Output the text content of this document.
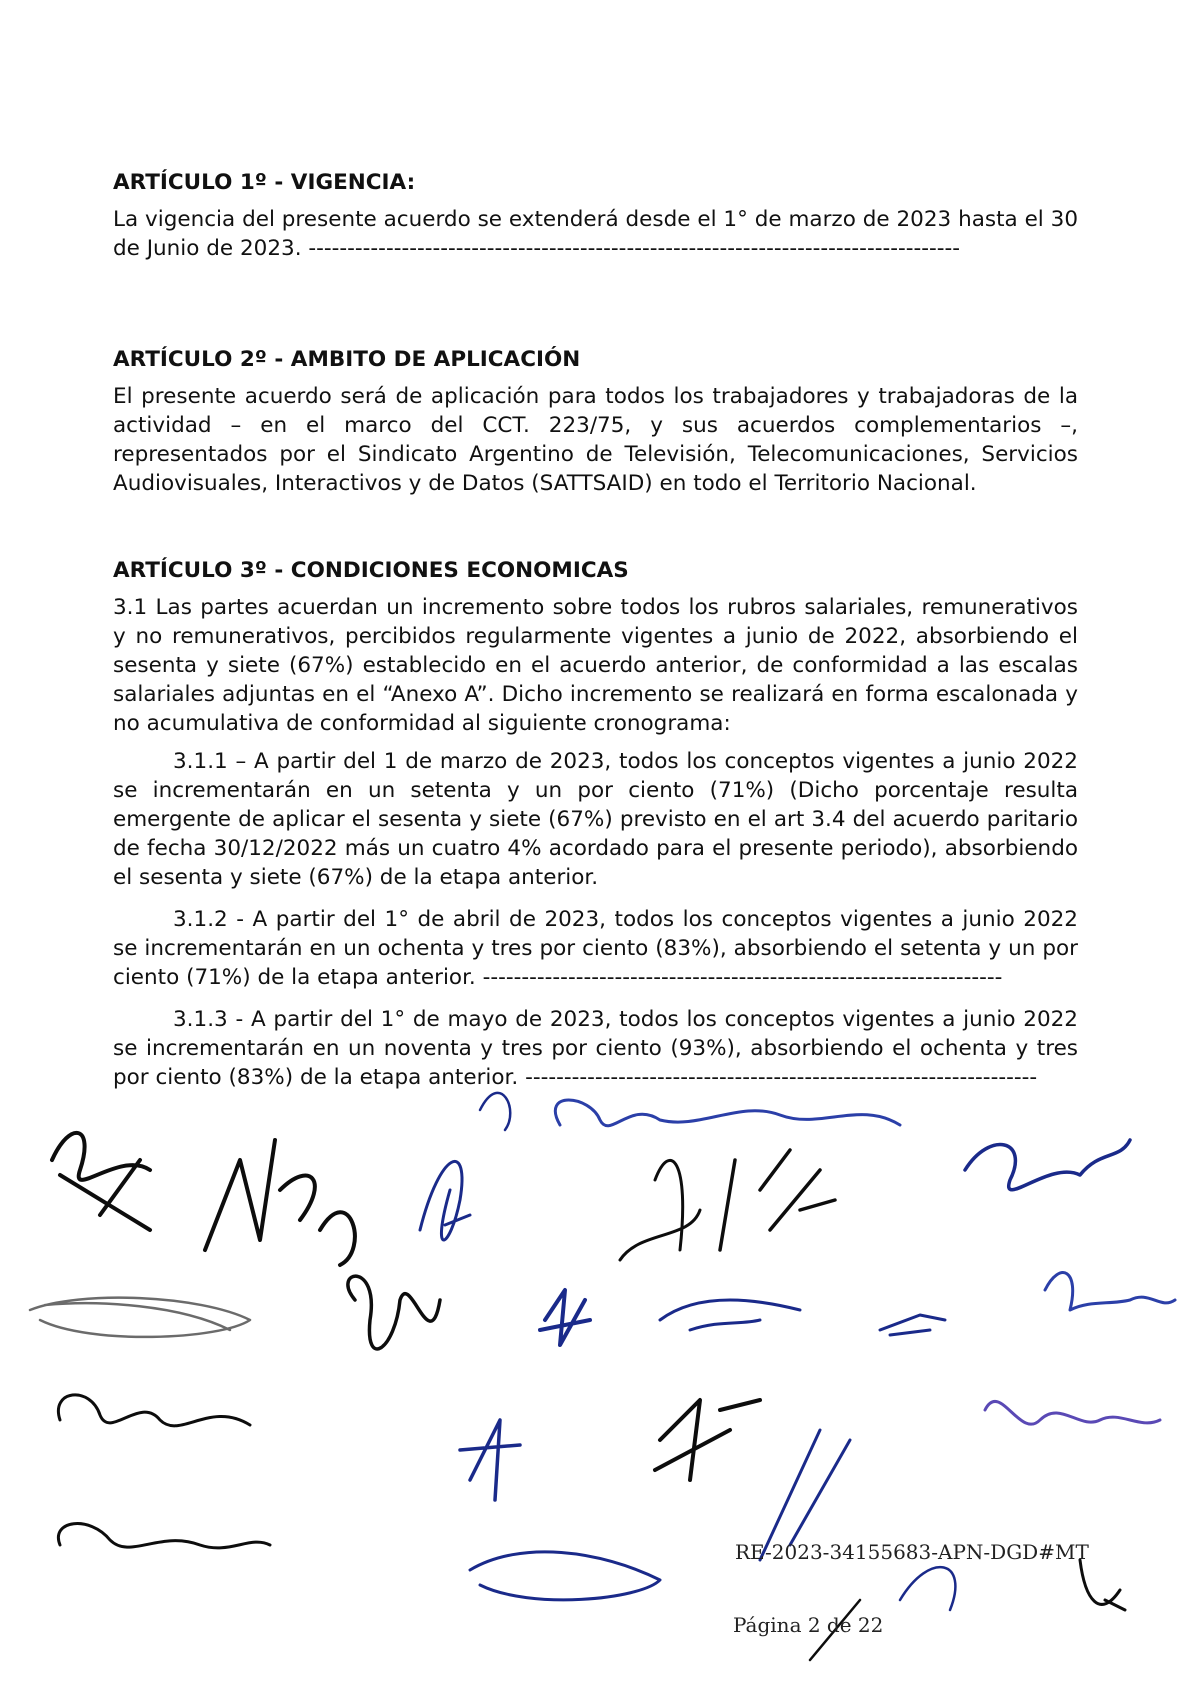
ARTÍCULO 1º - VIGENCIA:

La vigencia del presente acuerdo se extenderá desde el 1° de marzo de 2023 hasta el 30 de Junio de 2023. ------------------------------------------------------------------------------------

ARTÍCULO 2º - AMBITO DE APLICACIÓN

El presente acuerdo será de aplicación para todos los trabajadores y trabajadoras de la actividad – en el marco del CCT. 223/75, y sus acuerdos complementarios –, representados por el Sindicato Argentino de Televisión, Telecomunicaciones, Servicios Audiovisuales, Interactivos y de Datos (SATTSAID) en todo el Territorio Nacional.

ARTÍCULO 3º - CONDICIONES ECONOMICAS

3.1 Las partes acuerdan un incremento sobre todos los rubros salariales, remunerativos y no remunerativos, percibidos regularmente vigentes a junio de 2022, absorbiendo el sesenta y siete (67%) establecido en el acuerdo anterior, de conformidad a las escalas salariales adjuntas en el “Anexo A”. Dicho incremento se realizará en forma escalonada y no acumulativa de conformidad al siguiente cronograma:

3.1.1 – A partir del 1 de marzo de 2023, todos los conceptos vigentes a junio 2022 se incrementarán en un setenta y un por ciento (71%) (Dicho porcentaje resulta emergente de aplicar el sesenta y siete (67%) previsto en el art 3.4 del acuerdo paritario de fecha 30/12/2022 más un cuatro 4% acordado para el presente periodo), absorbiendo el sesenta y siete (67%) de la etapa anterior.

3.1.2 - A partir del 1° de abril de 2023, todos los conceptos vigentes a junio 2022 se incrementarán en un ochenta y tres por ciento (83%), absorbiendo el setenta y un por ciento (71%) de la etapa anterior. -------------------------------------------------------------------

3.1.3 - A partir del 1° de mayo de 2023, todos los conceptos vigentes a junio 2022 se incrementarán en un noventa y tres por ciento (93%), absorbiendo el ochenta y tres por ciento (83%) de la etapa anterior. ------------------------------------------------------------------

RE-2023-34155683-APN-DGD#MT
Página 2 de 22
